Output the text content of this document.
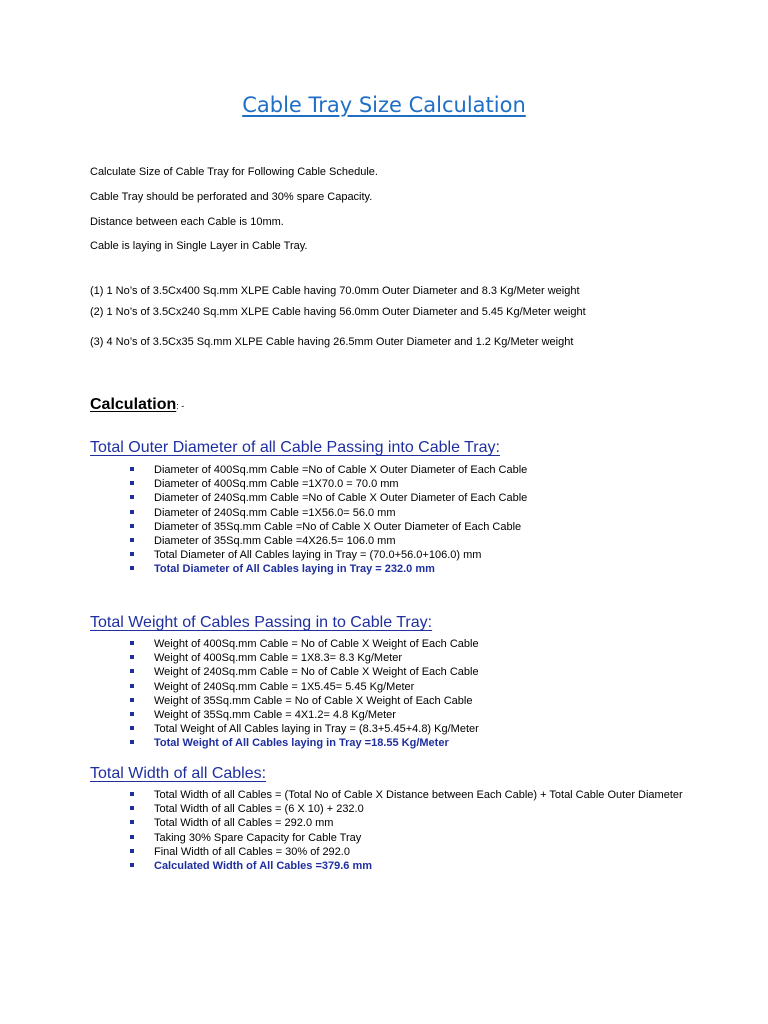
Cable Tray Size Calculation
Calculate Size of Cable Tray for Following Cable Schedule.
Cable Tray should be perforated and 30% spare Capacity.
Distance between each Cable is 10mm.
Cable is laying in Single Layer in Cable Tray.
(1) 1 No’s of 3.5Cx400 Sq.mm XLPE Cable having 70.0mm Outer Diameter and 8.3 Kg/Meter weight
(2) 1 No’s of 3.5Cx240 Sq.mm XLPE Cable having 56.0mm Outer Diameter and 5.45 Kg/Meter weight
(3) 4 No’s of 3.5Cx35 Sq.mm XLPE Cable having 26.5mm Outer Diameter and 1.2 Kg/Meter weight
Calculation: -
Total Outer Diameter of all Cable Passing into Cable Tray:
Diameter of 400Sq.mm Cable =No of Cable X Outer Diameter of Each Cable
Diameter of 400Sq.mm Cable =1X70.0 = 70.0 mm
Diameter of 240Sq.mm Cable =No of Cable X Outer Diameter of Each Cable
Diameter of 240Sq.mm Cable =1X56.0= 56.0 mm
Diameter of 35Sq.mm Cable =No of Cable X Outer Diameter of Each Cable
Diameter of 35Sq.mm Cable =4X26.5= 106.0 mm
Total Diameter of All Cables laying in Tray = (70.0+56.0+106.0) mm
Total Diameter of All Cables laying in Tray = 232.0 mm
Total Weight of Cables Passing in to Cable Tray:
Weight of 400Sq.mm Cable = No of Cable X Weight of Each Cable
Weight of 400Sq.mm Cable = 1X8.3= 8.3 Kg/Meter
Weight of 240Sq.mm Cable = No of Cable X Weight of Each Cable
Weight of 240Sq.mm Cable = 1X5.45= 5.45 Kg/Meter
Weight of 35Sq.mm Cable = No of Cable X Weight of Each Cable
Weight of 35Sq.mm Cable = 4X1.2= 4.8 Kg/Meter
Total Weight of All Cables laying in Tray = (8.3+5.45+4.8) Kg/Meter
Total Weight of All Cables laying in Tray =18.55 Kg/Meter
Total Width of all Cables:
Total Width of all Cables = (Total No of Cable X Distance between Each Cable) + Total Cable Outer Diameter
Total Width of all Cables = (6 X 10) + 232.0
Total Width of all Cables = 292.0 mm
Taking 30% Spare Capacity for Cable Tray
Final Width of all Cables = 30% of 292.0
Calculated Width of All Cables =379.6 mm
